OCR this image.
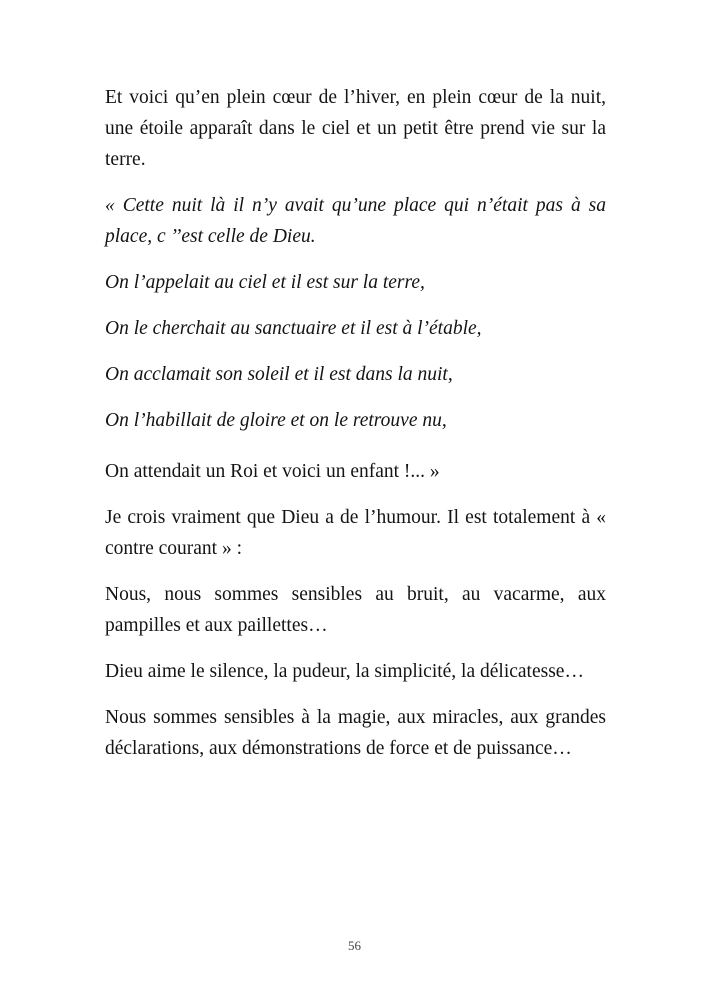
Et voici qu’en plein cœur de l’hiver, en plein cœur de la nuit, une étoile apparaît dans le ciel et un petit être prend vie sur la terre.

« Cette nuit là il n’y avait qu’une place qui n’était pas à sa place, c ’’est celle de Dieu.

On l’appelait au ciel et il est sur la terre,

On le cherchait au sanctuaire et il est à l’étable,

On acclamait son soleil et il est dans la nuit,

On l’habillait de gloire et on le retrouve nu,

On attendait un Roi et voici un enfant !... »

Je crois vraiment que Dieu a de l’humour. Il est totalement à « contre courant » :

Nous, nous sommes sensibles au bruit, au vacarme, aux pampilles et aux paillettes…

Dieu aime le silence, la pudeur, la simplicité, la délicatesse…

Nous sommes sensibles à la magie, aux miracles, aux grandes déclarations, aux démonstrations de force et de puissance…

56
